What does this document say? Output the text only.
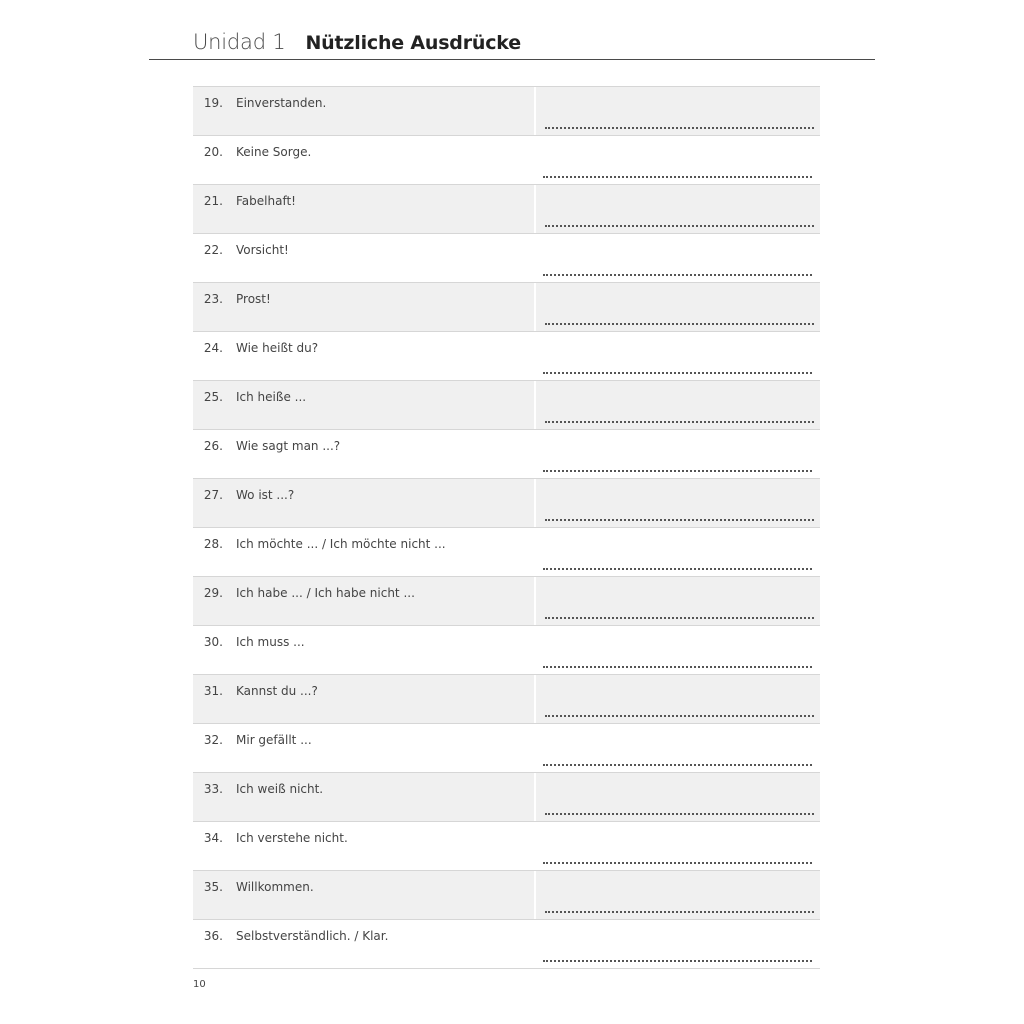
Unidad 1 Nützliche Ausdrücke
19. Einverstanden.
20. Keine Sorge.
21. Fabelhaft!
22. Vorsicht!
23. Prost!
24. Wie heißt du?
25. Ich heiße ...
26. Wie sagt man ...?
27. Wo ist ...?
28. Ich möchte ... / Ich möchte nicht ...
29. Ich habe ... / Ich habe nicht ...
30. Ich muss ...
31. Kannst du ...?
32. Mir gefällt ...
33. Ich weiß nicht.
34. Ich verstehe nicht.
35. Willkommen.
36. Selbstverständlich. / Klar.
10
